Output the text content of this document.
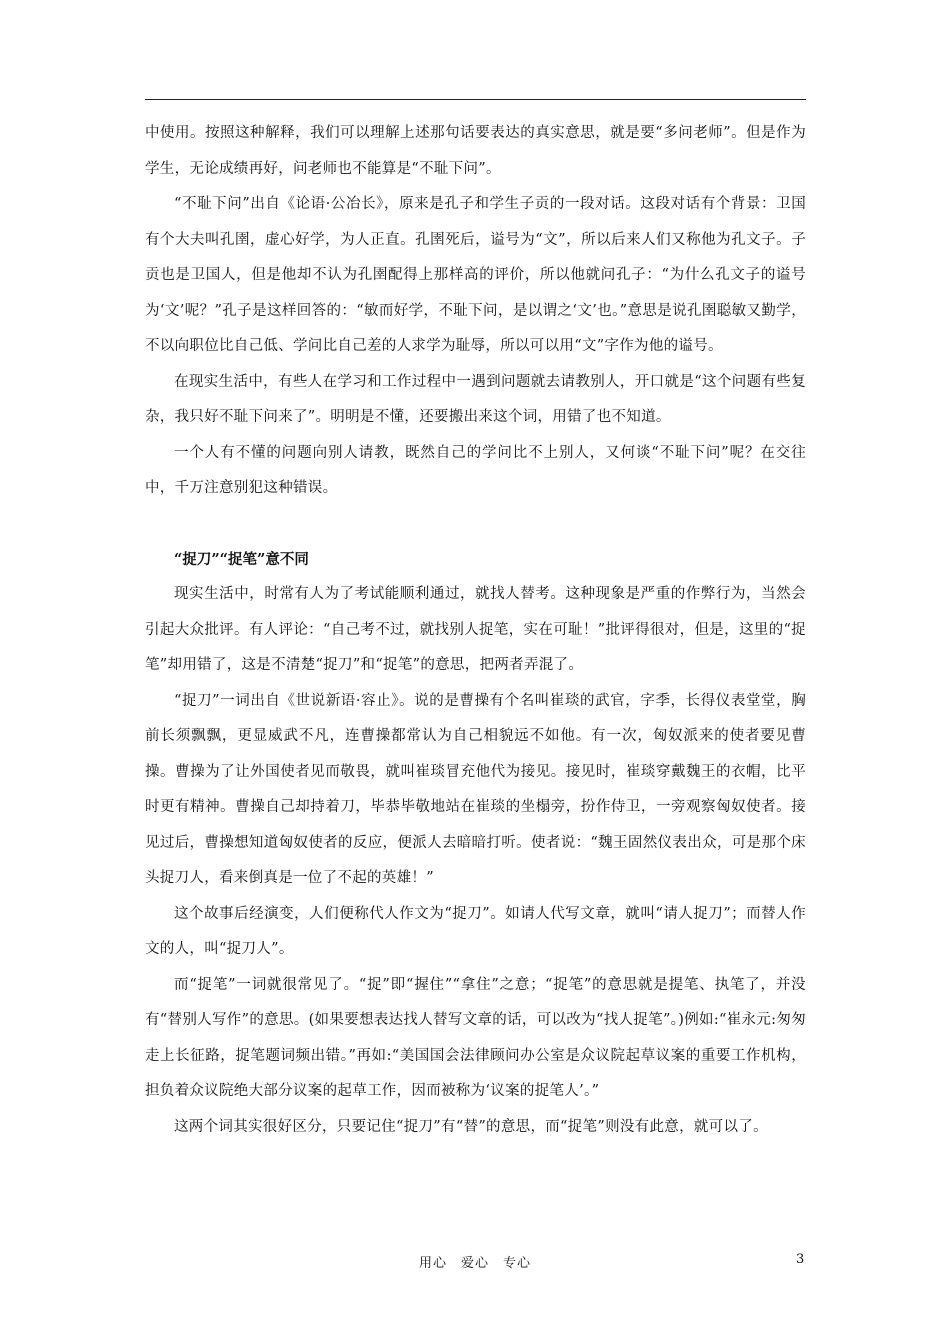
中使用。按照这种解释，我们可以理解上述那句话要表达的真实意思，就是要“多问老师”。但是作为学生，无论成绩再好，问老师也不能算是“不耻下问”。

“不耻下问”出自《论语·公冶长》，原来是孔子和学生子贡的一段对话。这段对话有个背景：卫国有个大夫叫孔圉，虚心好学，为人正直。孔圉死后，谥号为“文”，所以后来人们又称他为孔文子。子贡也是卫国人，但是他却不认为孔圉配得上那样高的评价，所以他就问孔子：“为什么孔文子的谥号为‘文’呢？”孔子是这样回答的：“敏而好学，不耻下问，是以谓之‘文’也。”意思是说孔圉聪敏又勤学，不以向职位比自己低、学问比自己差的人求学为耻辱，所以可以用“文”字作为他的谥号。

在现实生活中，有些人在学习和工作过程中一遇到问题就去请教别人，开口就是“这个问题有些复杂，我只好不耻下问来了”。明明是不懂，还要搬出来这个词，用错了也不知道。

一个人有不懂的问题向别人请教，既然自己的学问比不上别人，又何谈“不耻下问”呢？在交往中，千万注意别犯这种错误。

“捉刀”“捉笔”意不同

现实生活中，时常有人为了考试能顺利通过，就找人替考。这种现象是严重的作弊行为，当然会引起大众批评。有人评论：“自己考不过，就找别人捉笔，实在可耻！”批评得很对，但是，这里的“捉笔”却用错了，这是不清楚“捉刀”和“捉笔”的意思，把两者弄混了。

“捉刀”一词出自《世说新语·容止》。说的是曹操有个名叫崔琰的武官，字季，长得仪表堂堂，胸前长须飘飘，更显威武不凡，连曹操都常认为自己相貌远不如他。有一次，匈奴派来的使者要见曹操。曹操为了让外国使者见而敬畏，就叫崔琰冒充他代为接见。接见时，崔琰穿戴魏王的衣帽，比平时更有精神。曹操自己却持着刀，毕恭毕敬地站在崔琰的坐榻旁，扮作侍卫，一旁观察匈奴使者。接见过后，曹操想知道匈奴使者的反应，便派人去暗暗打听。使者说：“魏王固然仪表出众，可是那个床头捉刀人，看来倒真是一位了不起的英雄！”

这个故事后经演变，人们便称代人作文为“捉刀”。如请人代写文章，就叫“请人捉刀”；而替人作文的人，叫“捉刀人”。

而“捉笔”一词就很常见了。“捉”即“握住”“拿住”之意；“捉笔”的意思就是提笔、执笔了，并没有“替别人写作”的意思。(如果要想表达找人替写文章的话，可以改为“找人捉笔”。)例如:“崔永元:匆匆走上长征路，捉笔题词频出错。”再如:“美国国会法律顾问办公室是众议院起草议案的重要工作机构，担负着众议院绝大部分议案的起草工作，因而被称为‘议案的捉笔人’。”

这两个词其实很好区分，只要记住“捉刀”有“替”的意思，而“捉笔”则没有此意，就可以了。

用心　爱心　专心	3
